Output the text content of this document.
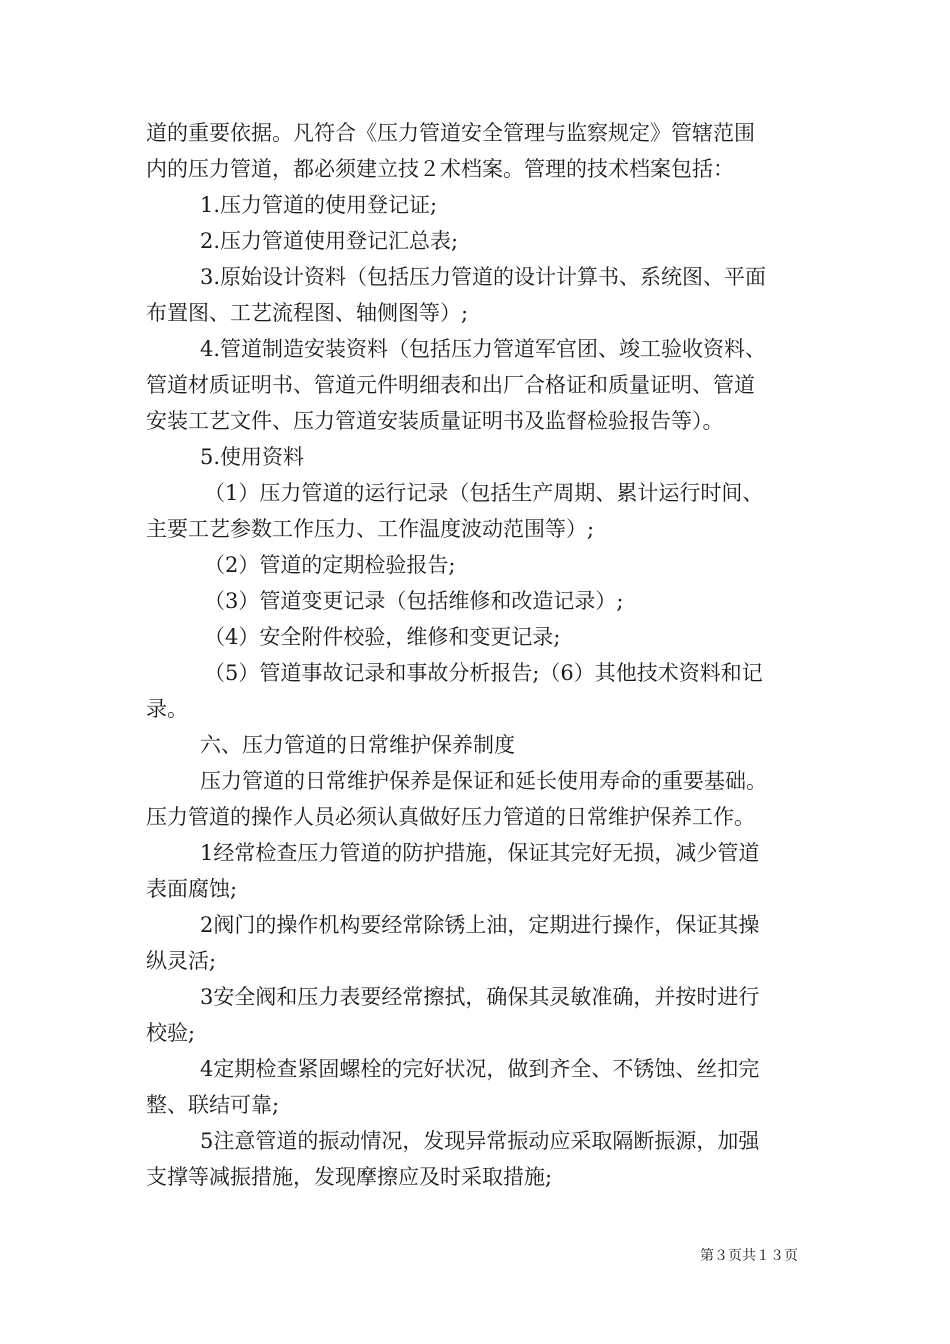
道的重要依据。凡符合《压力管道安全管理与监察规定》管辖范围
内的压力管道，都必须建立技２术档案。管理的技术档案包括：
1.压力管道的使用登记证;
2.压力管道使用登记汇总表;
3.原始设计资料（包括压力管道的设计计算书、系统图、平面
布置图、工艺流程图、轴侧图等）;
4.管道制造安装资料（包括压力管道军官团、竣工验收资料、
管道材质证明书、管道元件明细表和出厂合格证和质量证明、管道
安装工艺文件、压力管道安装质量证明书及监督检验报告等）。
5.使用资料
（1）压力管道的运行记录（包括生产周期、累计运行时间、
主要工艺参数工作压力、工作温度波动范围等）;
（2）管道的定期检验报告;
（3）管道变更记录（包括维修和改造记录）;
（4）安全附件校验，维修和变更记录;
（5）管道事故记录和事故分析报告;（6）其他技术资料和记
录。
六、压力管道的日常维护保养制度
压力管道的日常维护保养是保证和延长使用寿命的重要基础。
压力管道的操作人员必须认真做好压力管道的日常维护保养工作。
1经常检查压力管道的防护措施，保证其完好无损，减少管道
表面腐蚀;
2阀门的操作机构要经常除锈上油，定期进行操作，保证其操
纵灵活;
3安全阀和压力表要经常擦拭，确保其灵敏准确，并按时进行
校验;
4定期检查紧固螺栓的完好状况，做到齐全、不锈蚀、丝扣完
整、联结可靠;
5注意管道的振动情况，发现异常振动应采取隔断振源，加强
支撑等减振措施，发现摩擦应及时采取措施;
第３页共１３页
